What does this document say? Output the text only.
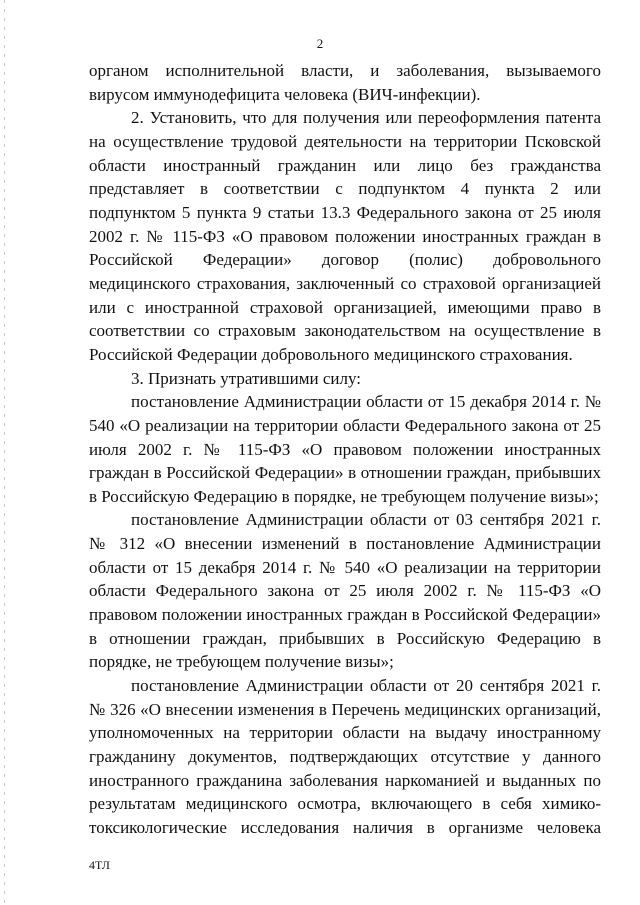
2

органом исполнительной власти, и заболевания, вызываемого вирусом иммунодефицита человека (ВИЧ-инфекции).

2. Установить, что для получения или переоформления патента на осуществление трудовой деятельности на территории Псковской области иностранный гражданин или лицо без гражданства представляет в соответствии с подпунктом 4 пункта 2 или подпунктом 5 пункта 9 статьи 13.3 Федерального закона от 25 июля 2002 г. № 115-ФЗ «О правовом положении иностранных граждан в Российской Федерации» договор (полис) добровольного медицинского страхования, заключенный со страховой организацией или с иностранной страховой организацией, имеющими право в соответствии со страховым законодательством на осуществление в Российской Федерации добровольного медицинского страхования.

3. Признать утратившими силу:

постановление Администрации области от 15 декабря 2014 г. № 540 «О реализации на территории области Федерального закона от 25 июля 2002 г. № 115-ФЗ «О правовом положении иностранных граждан в Российской Федерации» в отношении граждан, прибывших в Российскую Федерацию в порядке, не требующем получение визы»;

постановление Администрации области от 03 сентября 2021 г. № 312 «О внесении изменений в постановление Администрации области от 15 декабря 2014 г. № 540 «О реализации на территории области Федерального закона от 25 июля 2002 г. № 115-ФЗ «О правовом положении иностранных граждан в Российской Федерации» в отношении граждан, прибывших в Российскую Федерацию в порядке, не требующем получение визы»;

постановление Администрации области от 20 сентября 2021 г. № 326 «О внесении изменения в Перечень медицинских организаций, уполномоченных на территории области на выдачу иностранному гражданину документов, подтверждающих отсутствие у данного иностранного гражданина заболевания наркоманией и выданных по результатам медицинского осмотра, включающего в себя химико-токсикологические исследования наличия в организме человека

4ТЛ
